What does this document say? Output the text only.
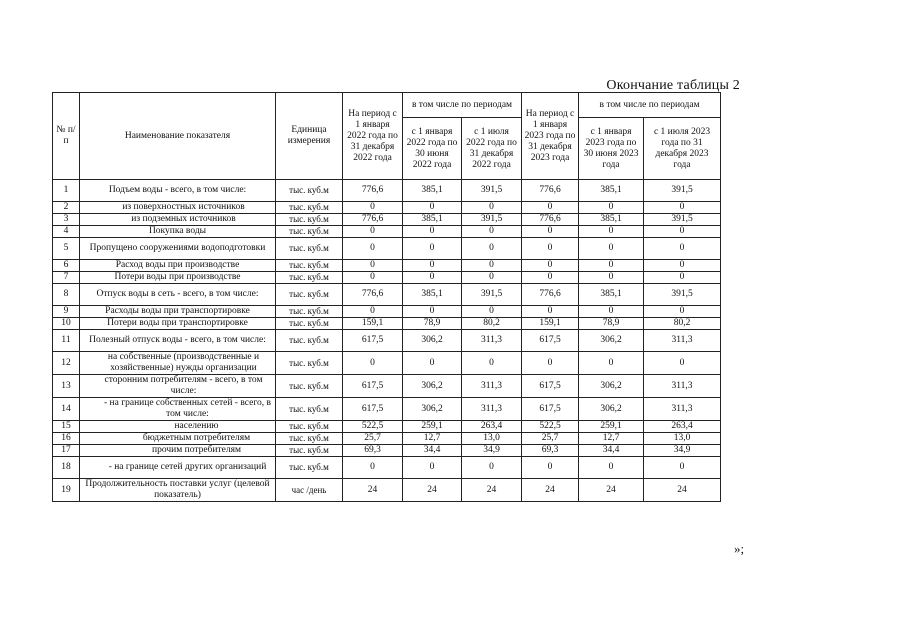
Окончание таблицы 2
№ п/п	Наименование показателя	Единица измерения	На период с 1 января 2022 года по 31 декабря 2022 года	в том числе по периодам		На период с 1 января 2023 года по 31 декабря 2023 года	в том числе по периодам	
				с 1 января 2022 года по 30 июня 2022 года	с 1 июля 2022 года по 31 декабря 2022 года		с 1 января 2023 года по 30 июня 2023 года	с 1 июля 2023 года по 31 декабря 2023 года
1	Подъем воды - всего, в том числе:	тыс. куб.м	776,6	385,1	391,5	776,6	385,1	391,5
2	из поверхностных источников	тыс. куб.м	0	0	0	0	0	0
3	из подземных источников	тыс. куб.м	776,6	385,1	391,5	776,6	385,1	391,5
4	Покупка воды	тыс. куб.м	0	0	0	0	0	0
5	Пропущено сооружениями водоподготовки	тыс. куб.м	0	0	0	0	0	0
6	Расход воды при производстве	тыс. куб.м	0	0	0	0	0	0
7	Потери воды при производстве	тыс. куб.м	0	0	0	0	0	0
8	Отпуск воды в сеть - всего, в том числе:	тыс. куб.м	776,6	385,1	391,5	776,6	385,1	391,5
9	Расходы воды при транспортировке	тыс. куб.м	0	0	0	0	0	0
10	Потери воды при транспортировке	тыс. куб.м	159,1	78,9	80,2	159,1	78,9	80,2
11	Полезный отпуск воды - всего, в том числе:	тыс. куб.м	617,5	306,2	311,3	617,5	306,2	311,3
12	на собственные (производственные и хозяйственные) нужды организации	тыс. куб.м	0	0	0	0	0	0
13	сторонним потребителям - всего, в том числе:	тыс. куб.м	617,5	306,2	311,3	617,5	306,2	311,3
14	- на границе собственных сетей - всего, в том числе:	тыс. куб.м	617,5	306,2	311,3	617,5	306,2	311,3
15	населению	тыс. куб.м	522,5	259,1	263,4	522,5	259,1	263,4
16	бюджетным потребителям	тыс. куб.м	25,7	12,7	13,0	25,7	12,7	13,0
17	прочим потребителям	тыс. куб.м	69,3	34,4	34,9	69,3	34,4	34,9
18	- на границе сетей других организаций	тыс. куб.м	0	0	0	0	0	0
19	Продолжительность поставки услуг (целевой показатель)	час /день	24	24	24	24	24	24
»;
